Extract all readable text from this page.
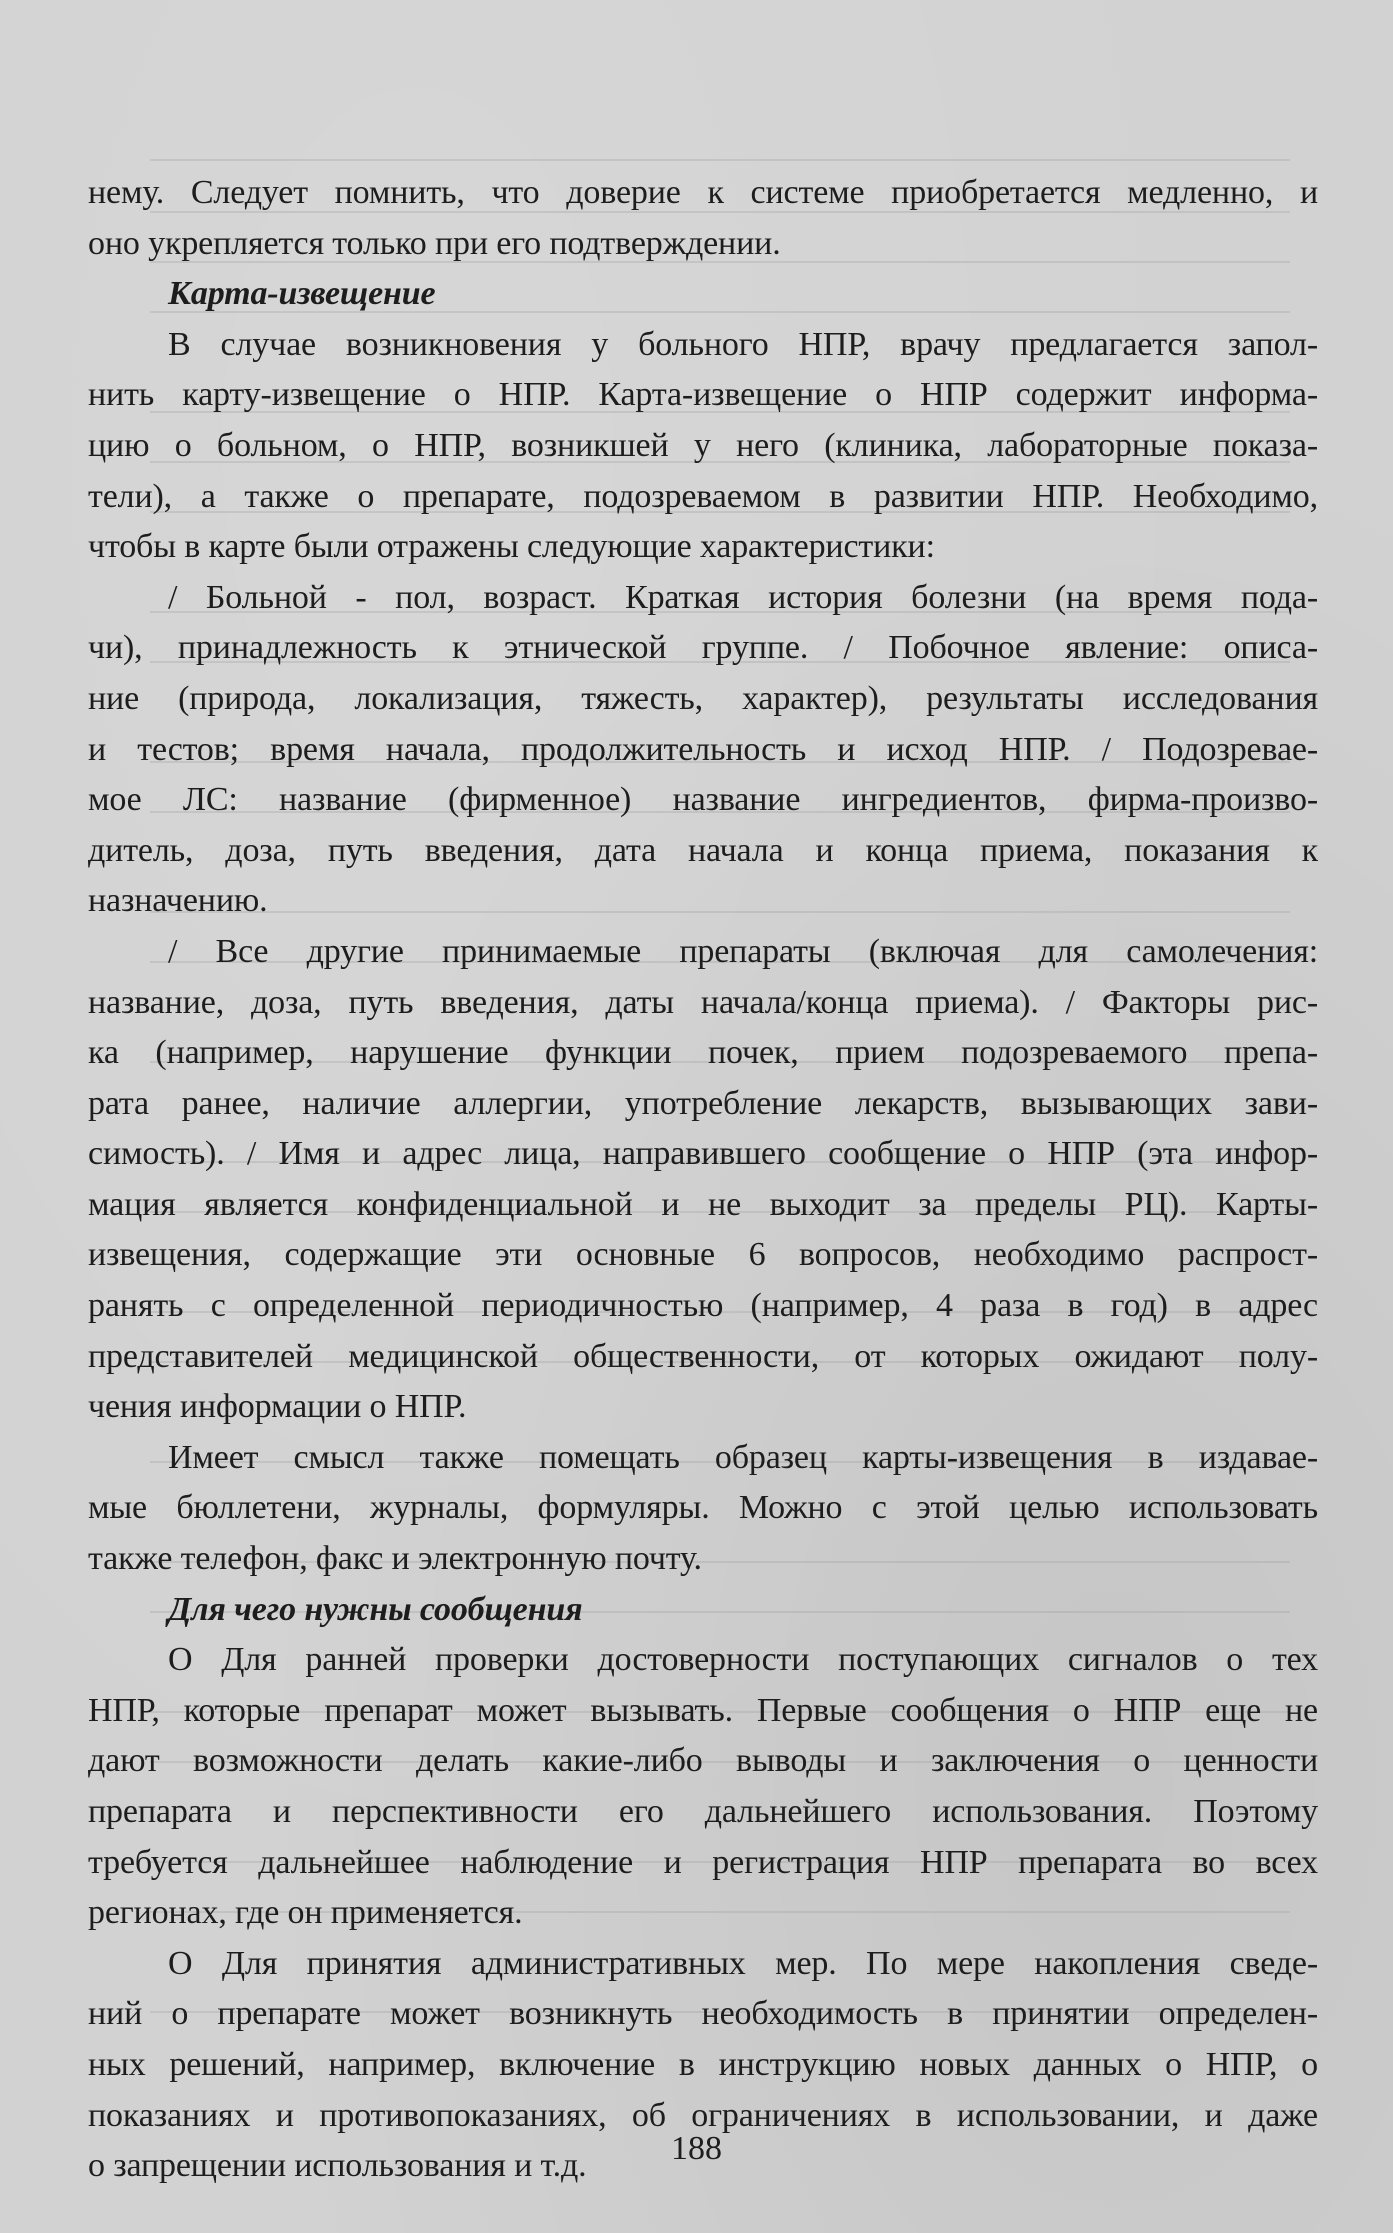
нему. Следует помнить, что доверие к системе приобретается медленно, и
оно укрепляется только при его подтверждении.
Карта-извещение
В случае возникновения у больного НПР, врачу предлагается запол-
нить карту-извещение о НПР. Карта-извещение о НПР содержит информа-
цию о больном, о НПР, возникшей у него (клиника, лабораторные показа-
тели), а также о препарате, подозреваемом в развитии НПР. Необходимо,
чтобы в карте были отражены следующие характеристики:
/ Больной - пол, возраст. Краткая история болезни (на время пода-
чи), принадлежность к этнической группе. / Побочное явление: описа-
ние (природа, локализация, тяжесть, характер), результаты исследования
и тестов; время начала, продолжительность и исход НПР. / Подозревае-
мое ЛС: название (фирменное) название ингредиентов, фирма-произво-
дитель, доза, путь введения, дата начала и конца приема, показания к
назначению.
/ Все другие принимаемые препараты (включая для самолечения:
название, доза, путь введения, даты начала/конца приема). / Факторы рис-
ка (например, нарушение функции почек, прием подозреваемого препа-
рата ранее, наличие аллергии, употребление лекарств, вызывающих зави-
симость). / Имя и адрес лица, направившего сообщение о НПР (эта инфор-
мация является конфиденциальной и не выходит за пределы РЦ). Карты-
извещения, содержащие эти основные 6 вопросов, необходимо распрост-
ранять с определенной периодичностью (например, 4 раза в год) в адрес
представителей медицинской общественности, от которых ожидают полу-
чения информации о НПР.
Имеет смысл также помещать образец карты-извещения в издавае-
мые бюллетени, журналы, формуляры. Можно с этой целью использовать
также телефон, факс и электронную почту.
Для чего нужны сообщения
О Для ранней проверки достоверности поступающих сигналов о тех
НПР, которые препарат может вызывать. Первые сообщения о НПР еще не
дают возможности делать какие-либо выводы и заключения о ценности
препарата и перспективности его дальнейшего использования. Поэтому
требуется дальнейшее наблюдение и регистрация НПР препарата во всех
регионах, где он применяется.
О Для принятия административных мер. По мере накопления сведе-
ний о препарате может возникнуть необходимость в принятии определен-
ных решений, например, включение в инструкцию новых данных о НПР, о
показаниях и противопоказаниях, об ограничениях в использовании, и даже
о запрещении использования и т.д.	188
